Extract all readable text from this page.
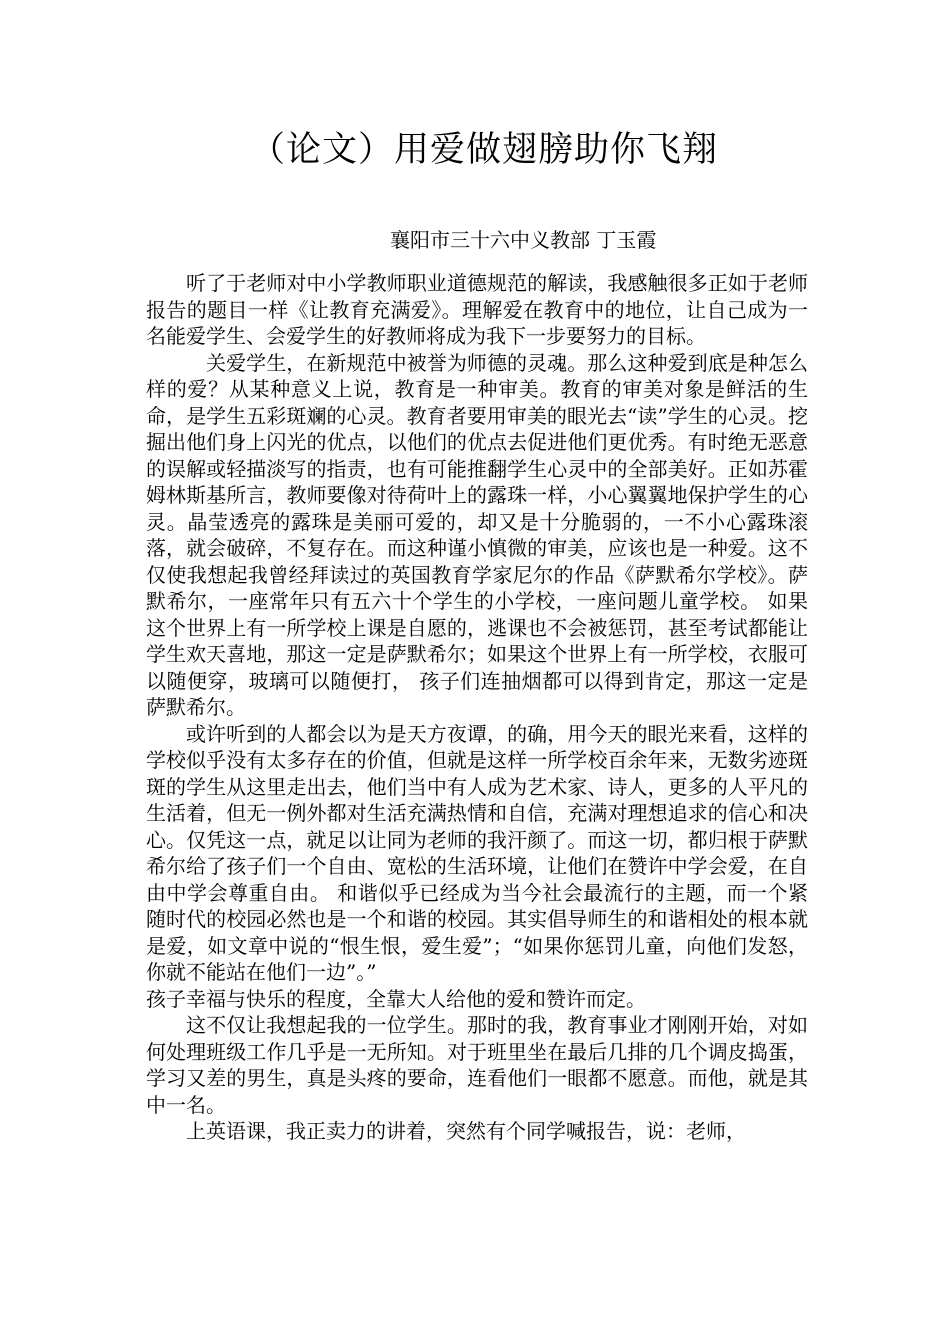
（论文）用爱做翅膀助你飞翔
襄阳市三十六中义教部 丁玉霞

听了于老师对中小学教师职业道德规范的解读，我感触很多正如于老师报告的题目一样《让教育充满爱》。理解爱在教育中的地位，让自己成为一名能爱学生、会爱学生的好教师将成为我下一步要努力的目标。

关爱学生，在新规范中被誉为师德的灵魂。那么这种爱到底是种怎么样的爱？从某种意义上说，教育是一种审美。教育的审美对象是鲜活的生命，是学生五彩斑斓的心灵。教育者要用审美的眼光去“读”学生的心灵。挖掘出他们身上闪光的优点，以他们的优点去促进他们更优秀。有时绝无恶意的误解或轻描淡写的指责，也有可能推翻学生心灵中的全部美好。正如苏霍姆林斯基所言，教师要像对待荷叶上的露珠一样，小心翼翼地保护学生的心灵。晶莹透亮的露珠是美丽可爱的，却又是十分脆弱的，一不小心露珠滚落，就会破碎，不复存在。而这种谨小慎微的审美，应该也是一种爱。这不仅使我想起我曾经拜读过的英国教育学家尼尔的作品《萨默希尔学校》。萨默希尔，一座常年只有五六十个学生的小学校，一座问题儿童学校。 如果这个世界上有一所学校上课是自愿的，逃课也不会被惩罚，甚至考试都能让学生欢天喜地，那这一定是萨默希尔；如果这个世界上有一所学校，衣服可以随便穿，玻璃可以随便打， 孩子们连抽烟都可以得到肯定，那这一定是萨默希尔。

或许听到的人都会以为是天方夜谭，的确，用今天的眼光来看，这样的学校似乎没有太多存在的价值，但就是这样一所学校百余年来，无数劣迹斑斑的学生从这里走出去，他们当中有人成为艺术家、诗人，更多的人平凡的生活着，但无一例外都对生活充满热情和自信，充满对理想追求的信心和决心。仅凭这一点，就足以让同为老师的我汗颜了。而这一切，都归根于萨默希尔给了孩子们一个自由、宽松的生活环境，让他们在赞许中学会爱，在自由中学会尊重自由。 和谐似乎已经成为当今社会最流行的主题，而一个紧随时代的校园必然也是一个和谐的校园。其实倡导师生的和谐相处的根本就是爱，如文章中说的“恨生恨，爱生爱”；“如果你惩罚儿童，向他们发怒，你就不能站在他们一边”。”

孩子幸福与快乐的程度，全靠大人给他的爱和赞许而定。

这不仅让我想起我的一位学生。那时的我，教育事业才刚刚开始，对如何处理班级工作几乎是一无所知。对于班里坐在最后几排的几个调皮捣蛋，学习又差的男生，真是头疼的要命，连看他们一眼都不愿意。而他，就是其中一名。

上英语课，我正卖力的讲着，突然有个同学喊报告，说：老师，
